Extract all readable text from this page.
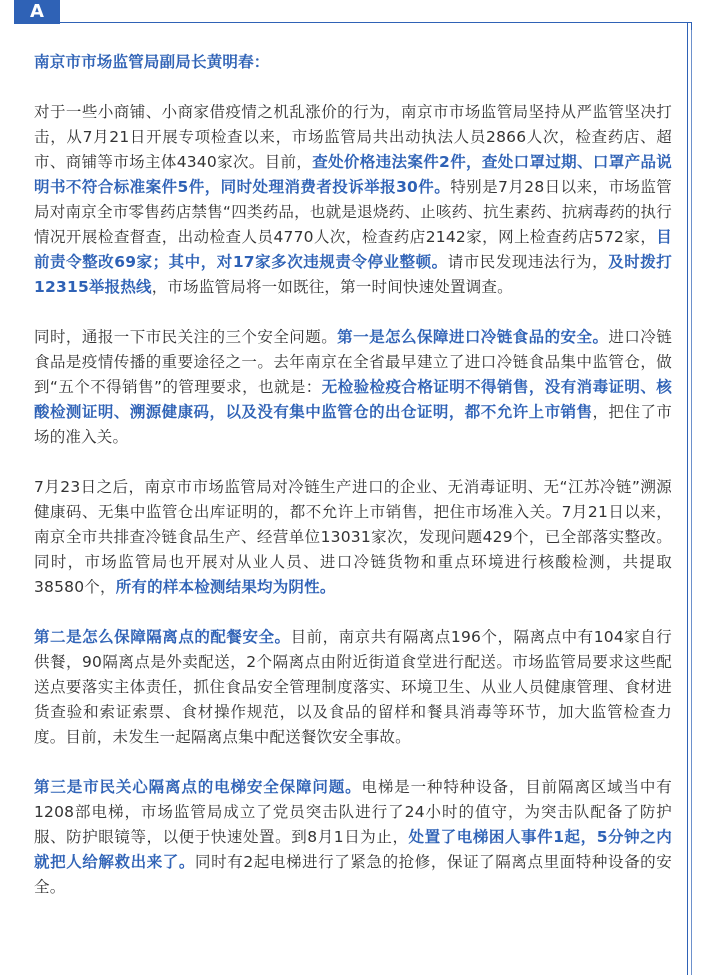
A
南京市市场监管局副局长黄明春：

对于一些小商铺、小商家借疫情之机乱涨价的行为，南京市市场监管局坚持从严监管坚决打击，从7月21日开展专项检查以来，市场监管局共出动执法人员2866人次，检查药店、超市、商铺等市场主体4340家次。目前，查处价格违法案件2件，查处口罩过期、口罩产品说明书不符合标准案件5件，同时处理消费者投诉举报30件。特别是7月28日以来，市场监管局对南京全市零售药店禁售“四类药品，也就是退烧药、止咳药、抗生素药、抗病毒药的执行情况开展检查督查，出动检查人员4770人次，检查药店2142家，网上检查药店572家，目前责令整改69家；其中，对17家多次违规责令停业整顿。请市民发现违法行为，及时拨打12315举报热线，市场监管局将一如既往，第一时间快速处置调查。

同时，通报一下市民关注的三个安全问题。第一是怎么保障进口冷链食品的安全。进口冷链食品是疫情传播的重要途径之一。去年南京在全省最早建立了进口冷链食品集中监管仓，做到“五个不得销售”的管理要求，也就是：无检验检疫合格证明不得销售，没有消毒证明、核酸检测证明、溯源健康码，以及没有集中监管仓的出仓证明，都不允许上市销售，把住了市场的准入关。

7月23日之后，南京市市场监管局对冷链生产进口的企业、无消毒证明、无“江苏冷链”溯源健康码、无集中监管仓出库证明的，都不允许上市销售，把住市场准入关。7月21日以来，南京全市共排查冷链食品生产、经营单位13031家次，发现问题429个，已全部落实整改。同时，市场监管局也开展对从业人员、进口冷链货物和重点环境进行核酸检测，共提取38580个，所有的样本检测结果均为阴性。

第二是怎么保障隔离点的配餐安全。目前，南京共有隔离点196个，隔离点中有104家自行供餐，90隔离点是外卖配送，2个隔离点由附近街道食堂进行配送。市场监管局要求这些配送点要落实主体责任，抓住食品安全管理制度落实、环境卫生、从业人员健康管理、食材进货查验和索证索票、食材操作规范，以及食品的留样和餐具消毒等环节，加大监管检查力度。目前，未发生一起隔离点集中配送餐饮安全事故。

第三是市民关心隔离点的电梯安全保障问题。电梯是一种特种设备，目前隔离区域当中有1208部电梯，市场监管局成立了党员突击队进行了24小时的值守，为突击队配备了防护服、防护眼镜等，以便于快速处置。到8月1日为止，处置了电梯困人事件1起，5分钟之内就把人给解救出来了。同时有2起电梯进行了紧急的抢修，保证了隔离点里面特种设备的安全。
